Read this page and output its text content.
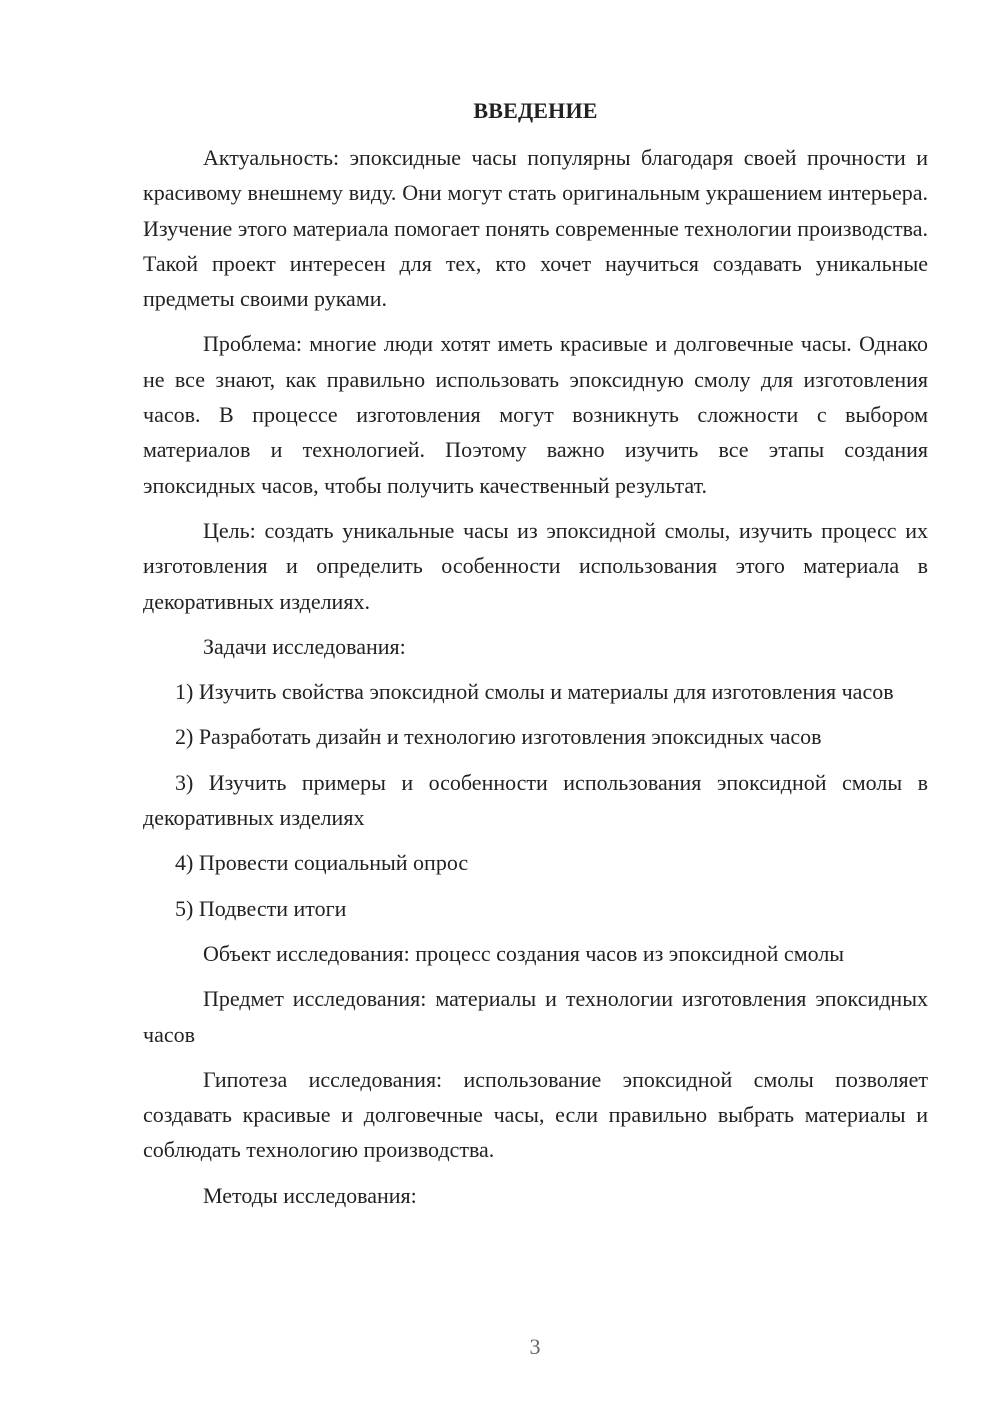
ВВЕДЕНИЕ

Актуальность: эпоксидные часы популярны благодаря своей прочности и красивому внешнему виду. Они могут стать оригинальным украшением интерьера. Изучение этого материала помогает понять современные технологии производства. Такой проект интересен для тех, кто хочет научиться создавать уникальные предметы своими руками.

Проблема: многие люди хотят иметь красивые и долговечные часы. Однако не все знают, как правильно использовать эпоксидную смолу для изготовления часов. В процессе изготовления могут возникнуть сложности с выбором материалов и технологией. Поэтому важно изучить все этапы создания эпоксидных часов, чтобы получить качественный результат.

Цель: создать уникальные часы из эпоксидной смолы, изучить процесс их изготовления и определить особенности использования этого материала в декоративных изделиях.

Задачи исследования:

1) Изучить свойства эпоксидной смолы и материалы для изготовления часов

2) Разработать дизайн и технологию изготовления эпоксидных часов

3) Изучить примеры и особенности использования эпоксидной смолы в декоративных изделиях

4) Провести социальный опрос

5) Подвести итоги

Объект исследования: процесс создания часов из эпоксидной смолы

Предмет исследования: материалы и технологии изготовления эпоксидных часов

Гипотеза исследования: использование эпоксидной смолы позволяет создавать красивые и долговечные часы, если правильно выбрать материалы и соблюдать технологию производства.

Методы исследования:

3
